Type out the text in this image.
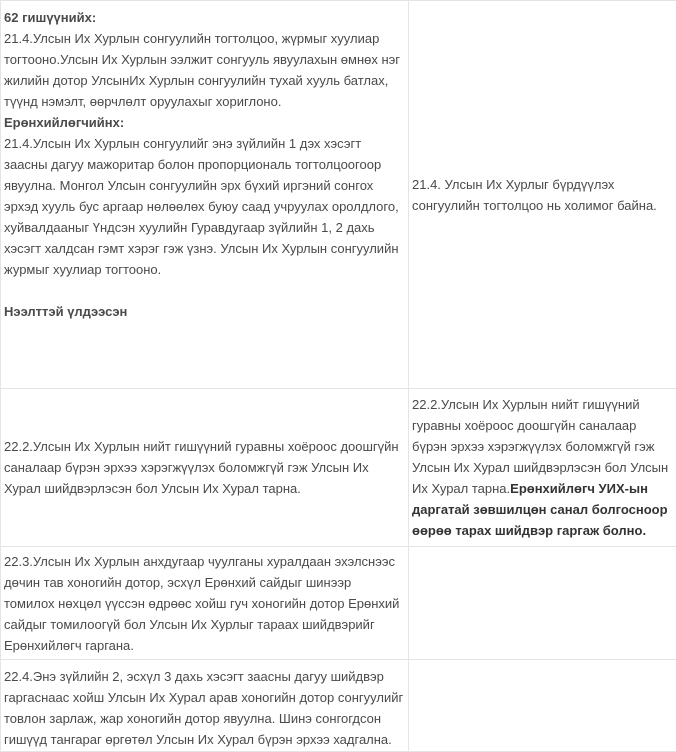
62 гишүүнийх:

21.4.Улсын Их Хурлын сонгуулийн тогтолцоо, жүрмыг хуулиар тогтооно.Улсын Их Хурлын ээлжит сонгууль явуулахын өмнөх нэг жилийн дотор УлсынИх Хурлын сонгуулийн тухай хууль батлах, түүнд нэмэлт, өөрчлөлт оруулахыг хориглоно.

Ерөнхийлөгчийнх:

21.4.Улсын Их Хурлын сонгуулийг энэ зүйлийн 1 дэх хэсэгт заасны дагуу мажоритар болон пропорциональ тогтолцоогоор явуулна. Монгол Улсын сонгуулийн эрх бүхий иргэний сонгох эрхэд хууль бус аргаар нөлөөлөх буюу саад учруулах оролдлого, хуйвалдааныг Үндсэн хуулийн Гуравдугаар зүйлийн 1, 2 дахь хэсэгт халдсан гэмт хэрэг гэж үзнэ. Улсын Их Хурлын сонгуулийн журмыг хуулиар тогтооно.

Нээлттэй үлдээсэн	21.4. Улсын Их Хурлыг бүрдүүлэх сонгуулийн тогтолцоо нь холимог байна.

22.2.Улсын Их Хурлын нийт гишүүний гуравны хоёроос доошгүйн саналаар бүрэн эрхээ хэрэгжүүлэх боломжгүй гэж Улсын Их Хурал шийдвэрлэсэн бол Улсын Их Хурал тарна.	22.2.Улсын Их Хурлын нийт гишүүний гуравны хоёроос доошгүйн саналаар бүрэн эрхээ хэрэгжүүлэх боломжгүй гэж Улсын Их Хурал шийдвэрлэсэн бол Улсын Их Хурал тарна.Ерөнхийлөгч УИХ-ын даргатай зөвшилцөн санал болгосноор өөрөө тарах шийдвэр гаргаж болно.

22.3.Улсын Их Хурлын анхдугаар чуулганы хуралдаан эхэлснээс дөчин тав хоногийн дотор, эсхүл Ерөнхий сайдыг шинээр томилох нөхцөл үүссэн өдрөөс хойш гуч хоногийн дотор Ерөнхий сайдыг томилоогүй бол Улсын Их Хурлыг тараах шийдвэрийг Ерөнхийлөгч гаргана.	

22.4.Энэ зүйлийн 2, эсхүл 3 дахь хэсэгт заасны дагуу шийдвэр гаргаснаас хойш Улсын Их Хурал арав хоногийн дотор сонгуулийг товлон зарлаж, жар хоногийн дотор явуулна. Шинэ сонгогдсон гишүүд тангараг өргөтөл Улсын Их Хурал бүрэн эрхээ хадгална.	
